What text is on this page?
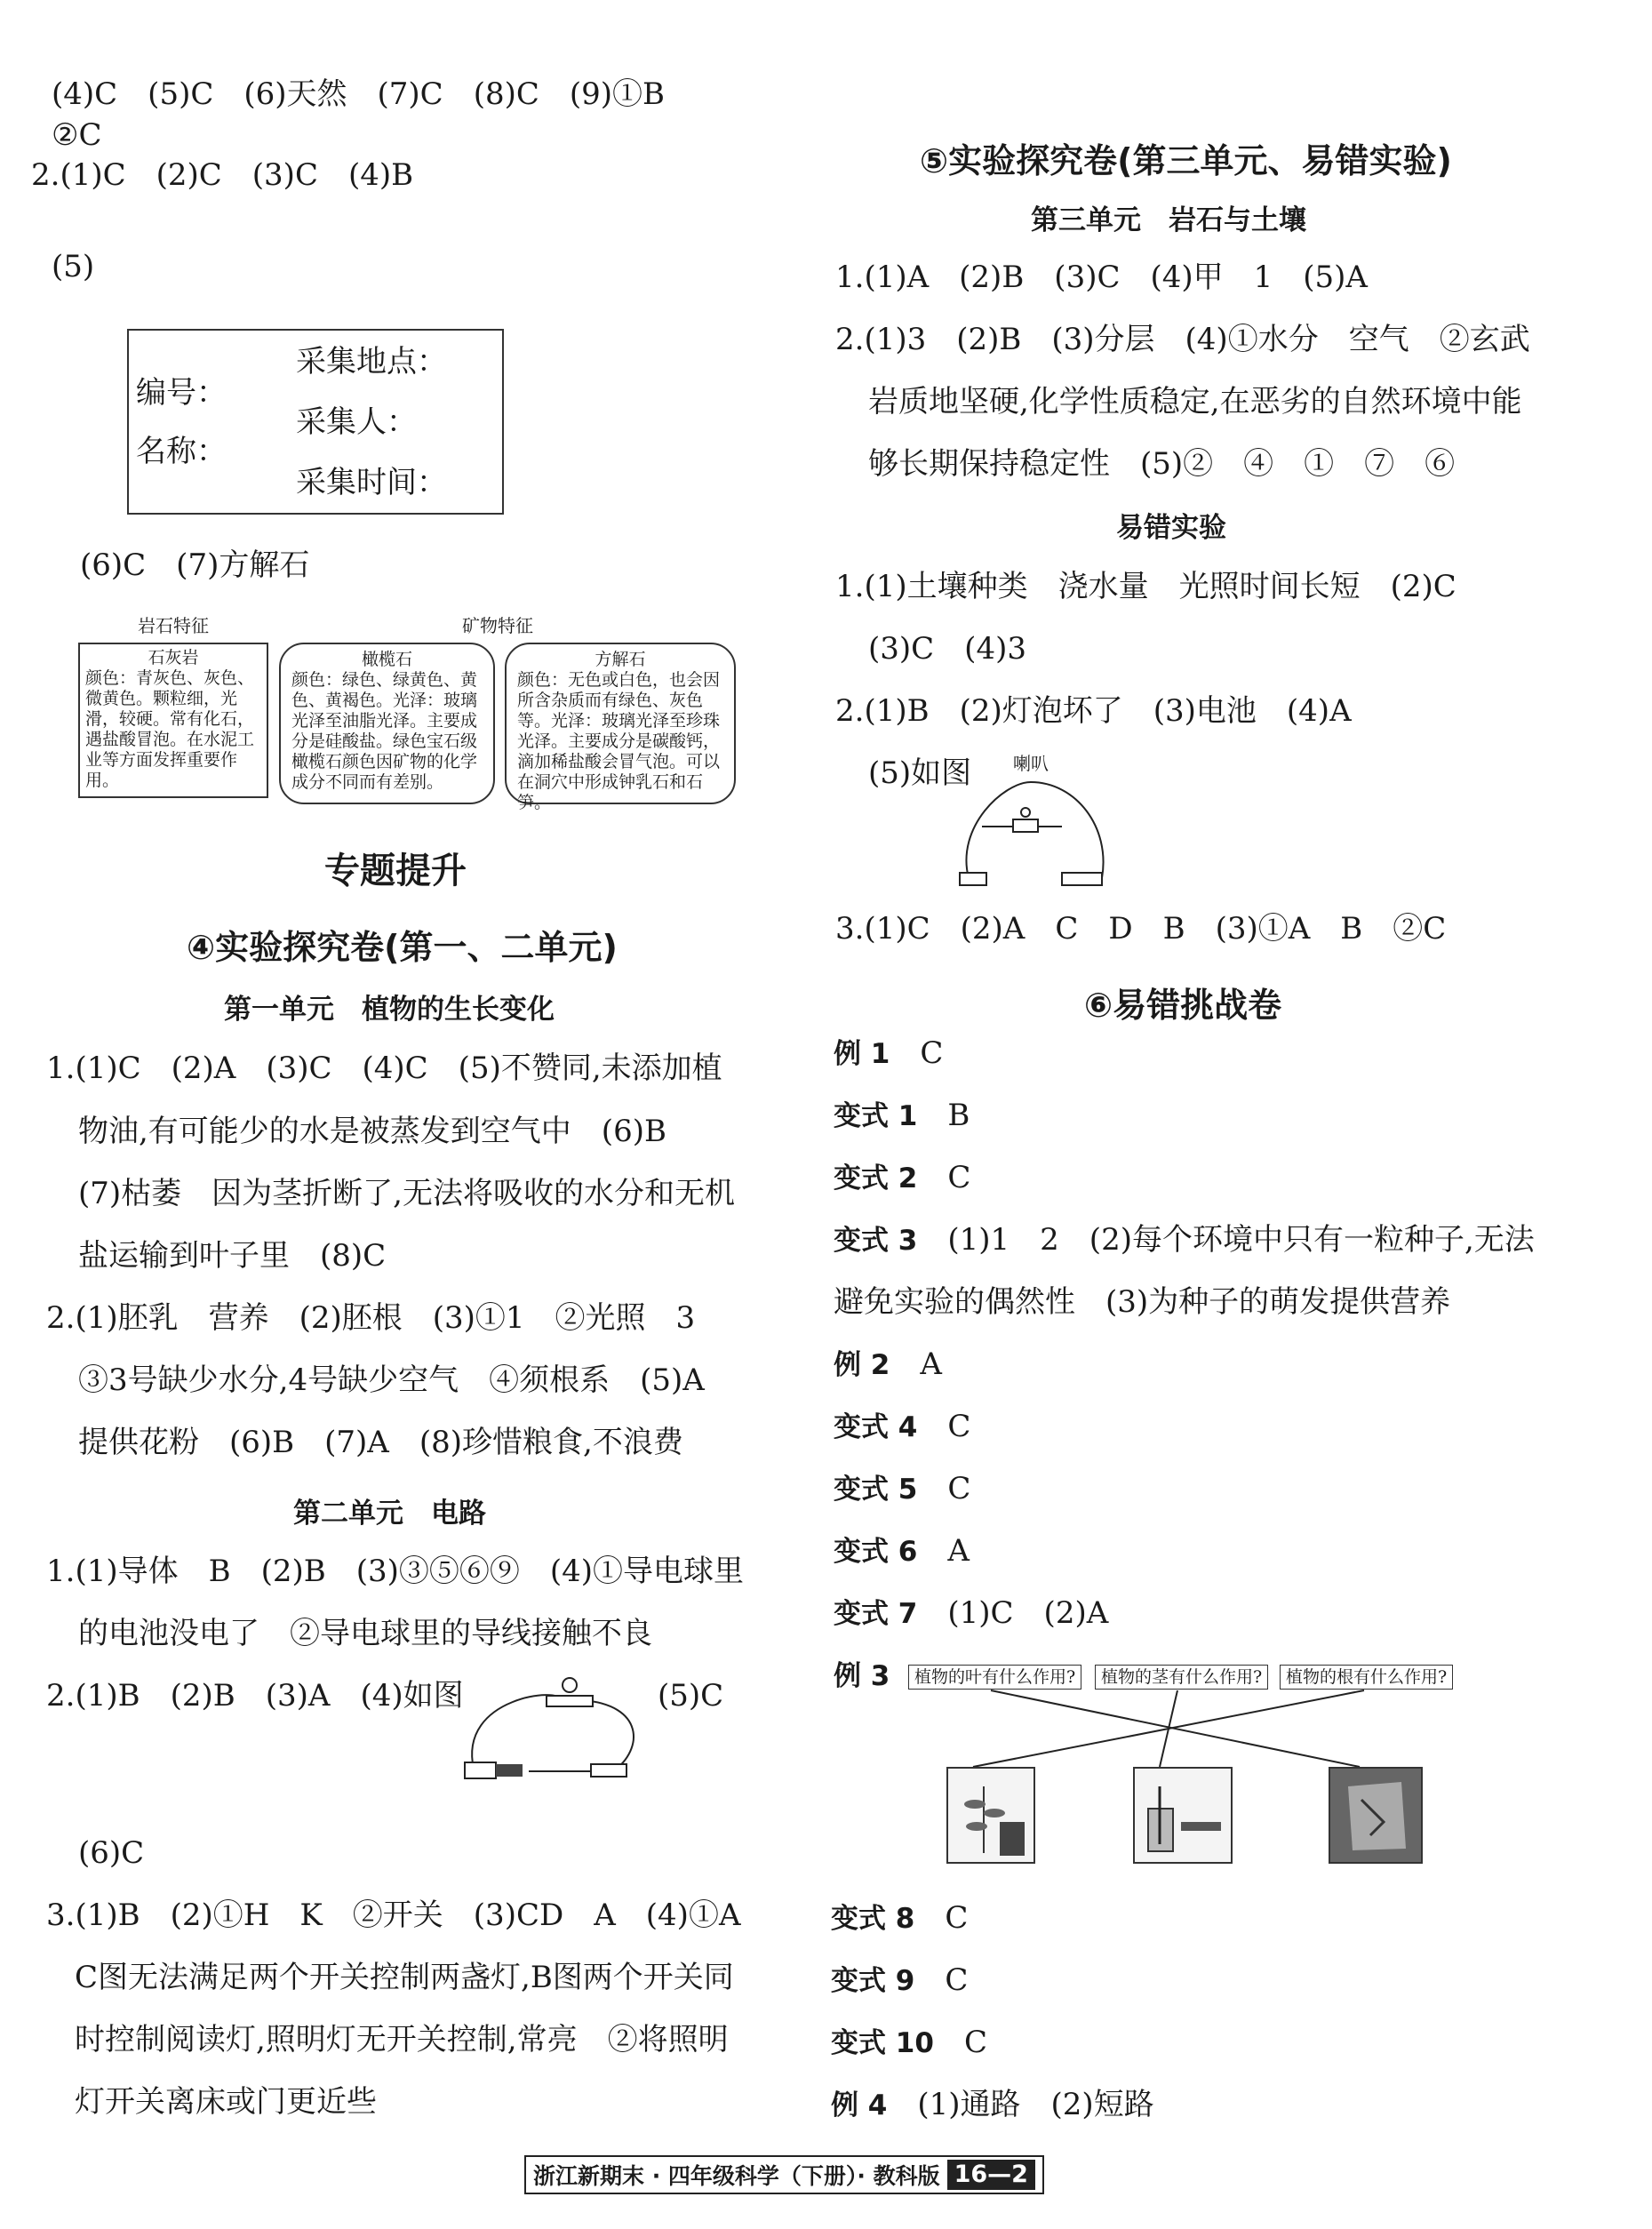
(4)C　(5)C　(6)天然　(7)C　(8)C　(9)①B
②C
2.(1)C　(2)C　(3)C　(4)B
(5)
编号：
名称：
采集地点：
采集人：
采集时间：
(6)C　(7)方解石
岩石特征	矿物特征
石灰岩
颜色：青灰色、灰色、微黄色。颗粒细，光滑，较硬。常有化石，遇盐酸冒泡。在水泥工业等方面发挥重要作用。
橄榄石
颜色：绿色、绿黄色、黄色、黄褐色。光泽：玻璃光泽至油脂光泽。主要成分是硅酸盐。绿色宝石级橄榄石颜色因矿物的化学成分不同而有差别。
方解石
颜色：无色或白色，也会因所含杂质而有绿色、灰色等。光泽：玻璃光泽至珍珠光泽。主要成分是碳酸钙，滴加稀盐酸会冒气泡。可以在洞穴中形成钟乳石和石笋。
专题提升
④实验探究卷(第一、二单元)
第一单元　植物的生长变化
1.(1)C　(2)A　(3)C　(4)C　(5)不赞同,未添加植
物油,有可能少的水是被蒸发到空气中　(6)B
(7)枯萎　因为茎折断了,无法将吸收的水分和无机
盐运输到叶子里　(8)C
2.(1)胚乳　营养　(2)胚根　(3)①1　②光照　3
③3号缺少水分,4号缺少空气　④须根系　(5)A
提供花粉　(6)B　(7)A　(8)珍惜粮食,不浪费
第二单元　电路
1.(1)导体　B　(2)B　(3)③⑤⑥⑨　(4)①导电球里
的电池没电了　②导电球里的导线接触不良
2.(1)B　(2)B　(3)A　(4)如图	(5)C
(6)C
3.(1)B　(2)①H　K　②开关　(3)CD　A　(4)①A
C图无法满足两个开关控制两盏灯,B图两个开关同
时控制阅读灯,照明灯无开关控制,常亮　②将照明
灯开关离床或门更近些
⑤实验探究卷(第三单元、易错实验)
第三单元　岩石与土壤
1.(1)A　(2)B　(3)C　(4)甲　1　(5)A
2.(1)3　(2)B　(3)分层　(4)①水分　空气　②玄武
岩质地坚硬,化学性质稳定,在恶劣的自然环境中能
够长期保持稳定性　(5)②　④　①　⑦　⑥
易错实验
1.(1)土壤种类　浇水量　光照时间长短　(2)C
(3)C　(4)3
2.(1)B　(2)灯泡坏了　(3)电池　(4)A
(5)如图 喇叭
3.(1)C　(2)A　C　D　B　(3)①A　B　②C
⑥易错挑战卷
例 1　 C
变式 1　 B
变式 2　 C
变式 3　 (1)1　2　(2)每个环境中只有一粒种子,无法
避免实验的偶然性　(3)为种子的萌发提供营养
例 2　 A
变式 4　 C
变式 5　 C
变式 6　 A
变式 7　 (1)C　(2)A
例 3	植物的叶有什么作用?	植物的茎有什么作用?	植物的根有什么作用?
变式 8　 C
变式 9　 C
变式 10　 C
例 4　 (1)通路　(2)短路
浙江新期末 · 四年级科学（下册）· 教科版 16—2
